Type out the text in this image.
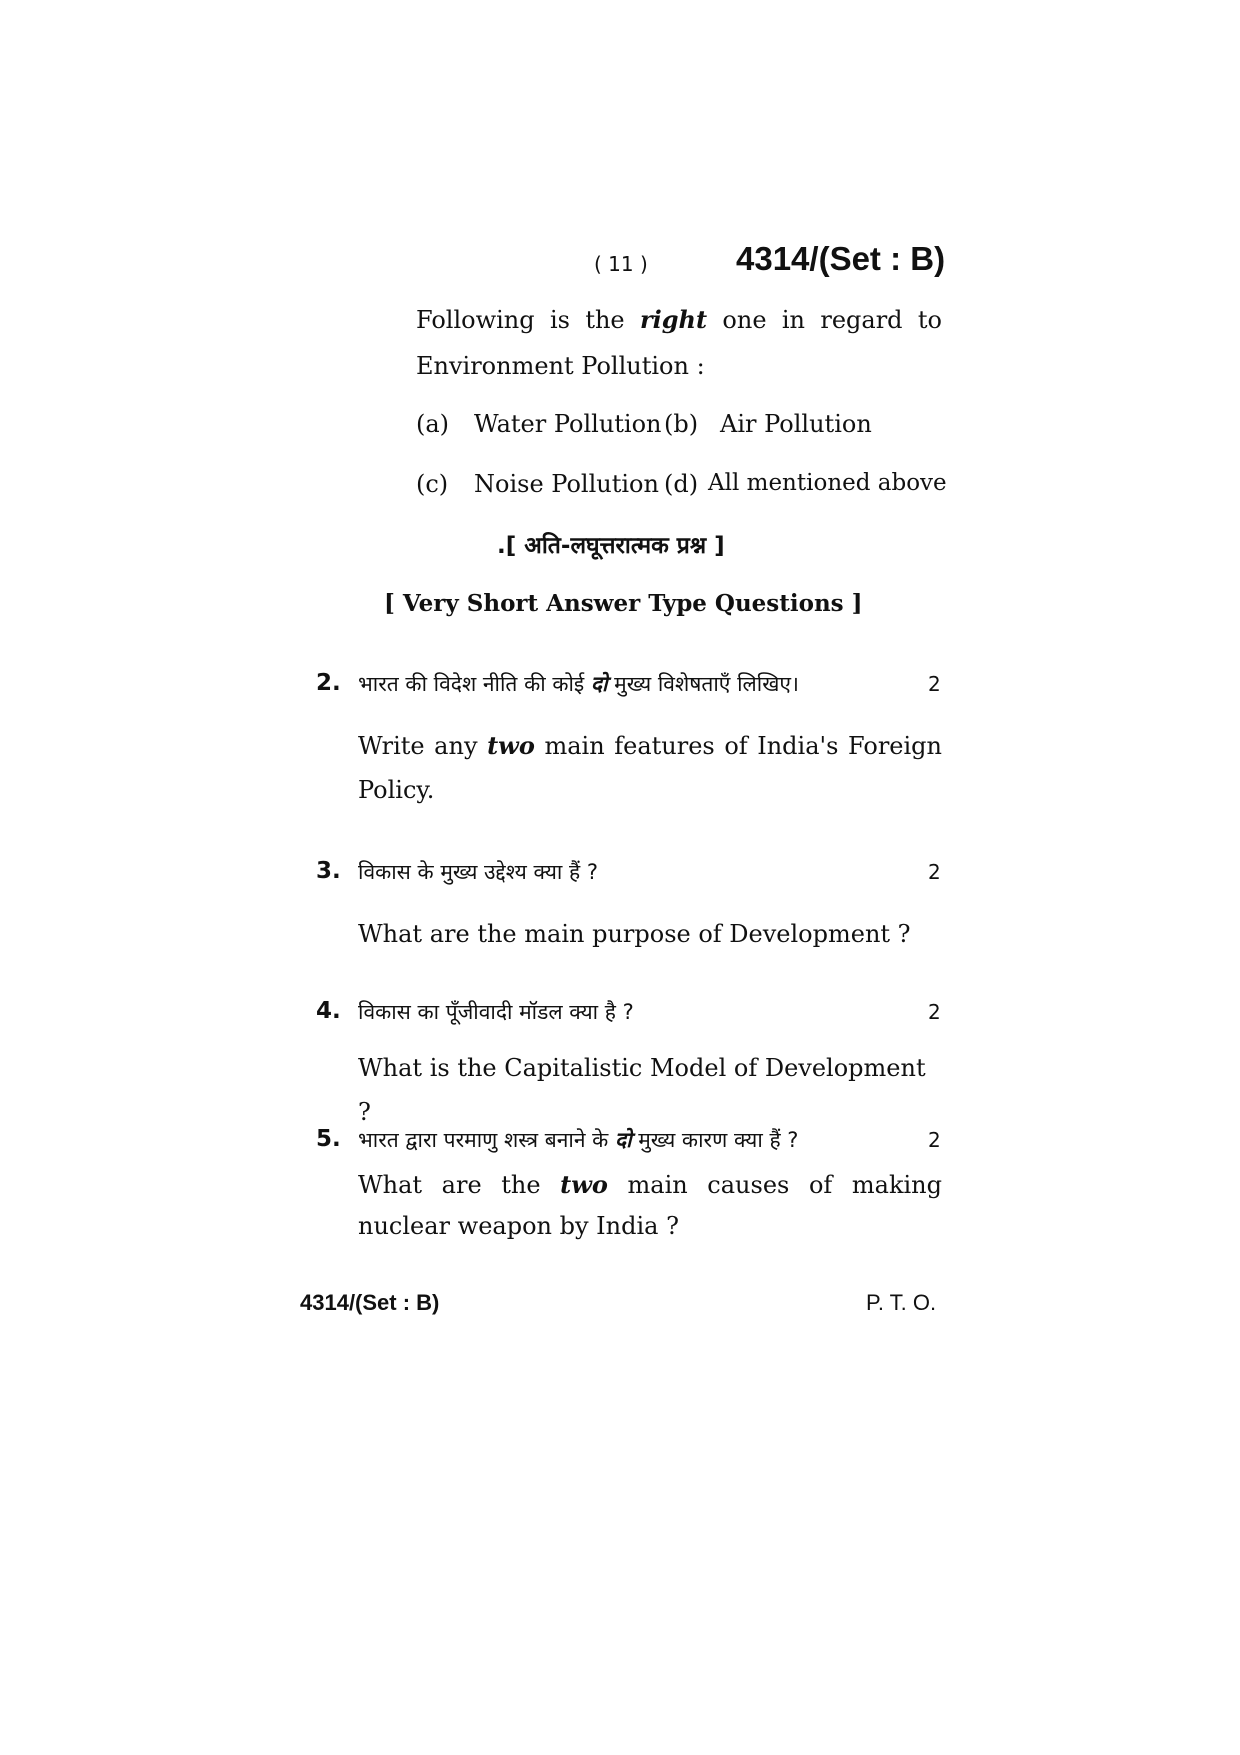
( 11 )	4314/(Set : B)
Following is the right one in regard to
Environment Pollution :
(a)	Water Pollution (b) Air Pollution
(c)	Noise Pollution (d) All mentioned above
.[ अति-लघूत्तरात्मक प्रश्न ]
[ Very Short Answer Type Questions ]
2. भारत की विदेश नीति की कोई दो मुख्य विशेषताएँ लिखिए।	2
Write any two main features of India's Foreign
Policy.
3. विकास के मुख्य उद्देश्य क्या हैं ?	2
What are the main purpose of Development ?
4. विकास का पूँजीवादी मॉडल क्या है ?	2
What is the Capitalistic Model of Development ?
5. भारत द्वारा परमाणु शस्त्र बनाने के दो मुख्य कारण क्या हैं ?	2
What are the two main causes of making
nuclear weapon by India ?
4314/(Set : B)	P. T. O.
